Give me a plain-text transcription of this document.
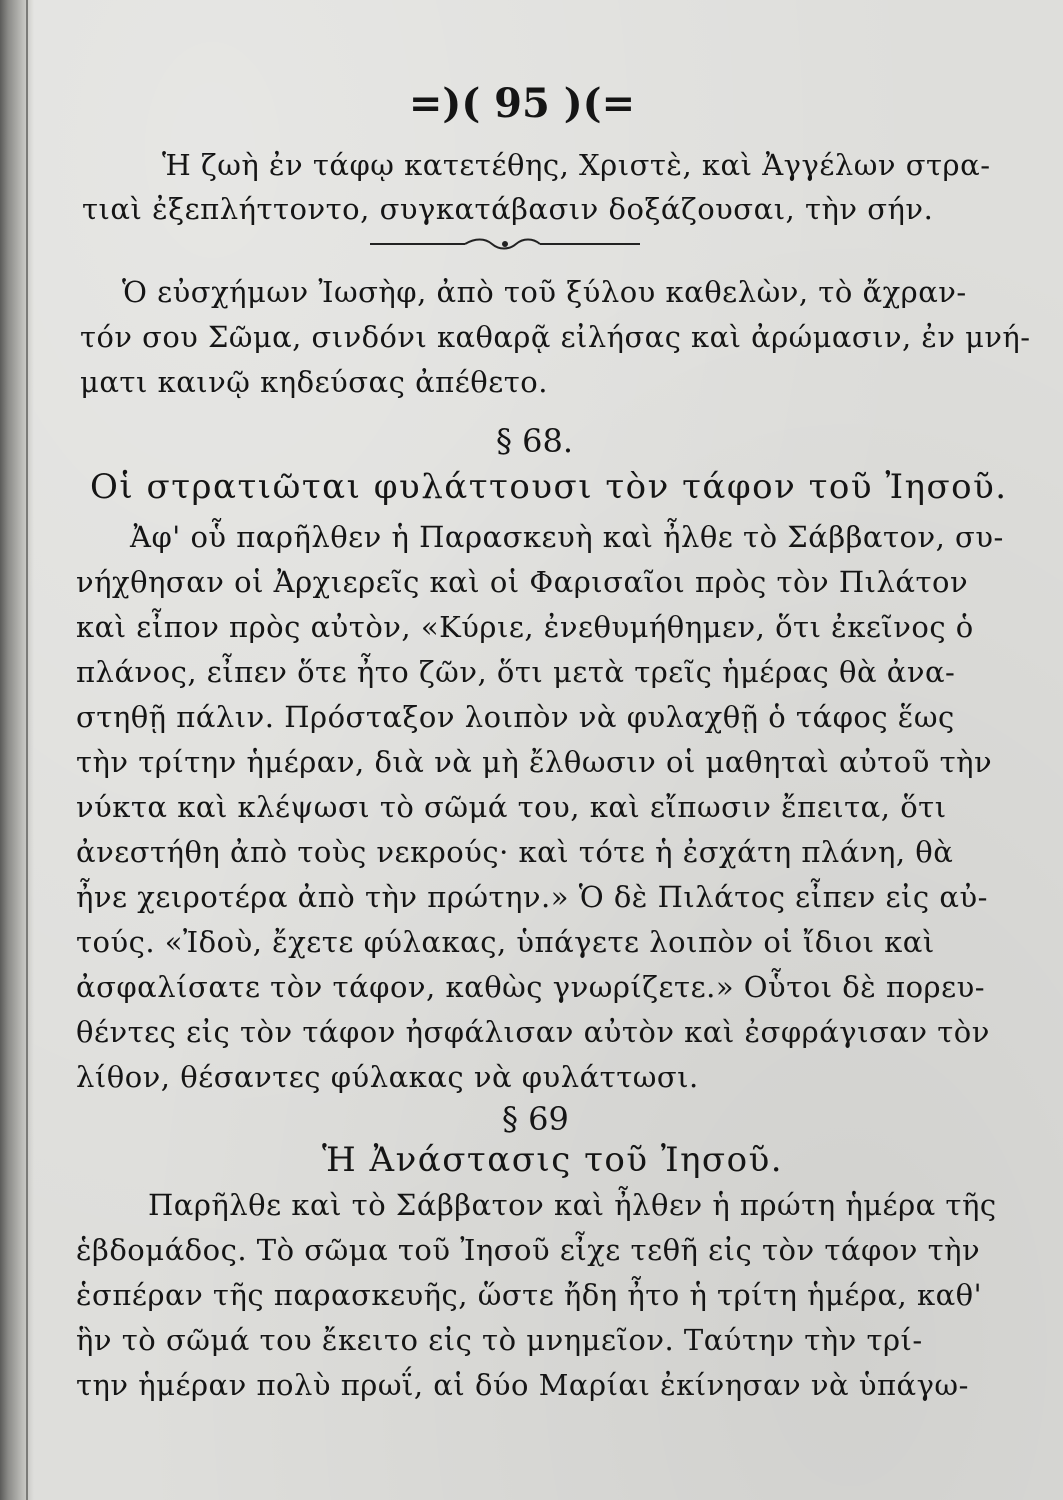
=)( 95 )(=
Ἡ ζωὴ ἐν τάφῳ κατετέθης, Χριστὲ, καὶ Ἀγγέλων στρα-
τιαὶ ἐξεπλήττοντο, συγκατάβασιν δοξάζουσαι, τὴν σήν.
Ὁ εὐσχήμων Ἰωσὴφ, ἀπὸ τοῦ ξύλου καθελὼν, τὸ ἄχραν-
τόν σου Σῶμα, σινδόνι καθαρᾷ εἰλήσας καὶ ἀρώμασιν, ἐν μνή-
ματι καινῷ κηδεύσας ἀπέθετο.
§ 68.
Οἱ στρατιῶται φυλάττουσι τὸν τάφον τοῦ Ἰησοῦ.
Ἀφ' οὗ παρῆλθεν ἡ Παρασκευὴ καὶ ἦλθε τὸ Σάββατον, συ-
νήχθησαν οἱ Ἀρχιερεῖς καὶ οἱ Φαρισαῖοι πρὸς τὸν Πιλάτον
καὶ εἶπον πρὸς αὐτὸν, «Κύριε, ἐνεθυμήθημεν, ὅτι ἐκεῖνος ὁ
πλάνος, εἶπεν ὅτε ἦτο ζῶν, ὅτι μετὰ τρεῖς ἡμέρας θὰ ἀνα-
στηθῇ πάλιν. Πρόσταξον λοιπὸν νὰ φυλαχθῇ ὁ τάφος ἕως
τὴν τρίτην ἡμέραν, διὰ νὰ μὴ ἔλθωσιν οἱ μαθηταὶ αὐτοῦ τὴν
νύκτα καὶ κλέψωσι τὸ σῶμά του, καὶ εἴπωσιν ἔπειτα, ὅτι
ἀνεστήθη ἀπὸ τοὺς νεκρούς· καὶ τότε ἡ ἐσχάτη πλάνη, θὰ
ἦνε χειροτέρα ἀπὸ τὴν πρώτην.» Ὁ δὲ Πιλάτος εἶπεν εἰς αὐ-
τούς. «Ἰδοὺ, ἔχετε φύλακας, ὑπάγετε λοιπὸν οἱ ἴδιοι καὶ
ἀσφαλίσατε τὸν τάφον, καθὼς γνωρίζετε.» Οὗτοι δὲ πορευ-
θέντες εἰς τὸν τάφον ἠσφάλισαν αὐτὸν καὶ ἐσφράγισαν τὸν
λίθον, θέσαντες φύλακας νὰ φυλάττωσι.
§ 69
Ἡ Ἀνάστασις τοῦ Ἰησοῦ.
Παρῆλθε καὶ τὸ Σάββατον καὶ ἦλθεν ἡ πρώτη ἡμέρα τῆς
ἑβδομάδος. Τὸ σῶμα τοῦ Ἰησοῦ εἶχε τεθῆ εἰς τὸν τάφον τὴν
ἑσπέραν τῆς παρασκευῆς, ὥστε ἤδη ἦτο ἡ τρίτη ἡμέρα, καθ'
ἣν τὸ σῶμά του ἔκειτο εἰς τὸ μνημεῖον. Ταύτην τὴν τρί-
την ἡμέραν πολὺ πρωΐ, αἱ δύο Μαρίαι ἐκίνησαν νὰ ὑπάγω-
